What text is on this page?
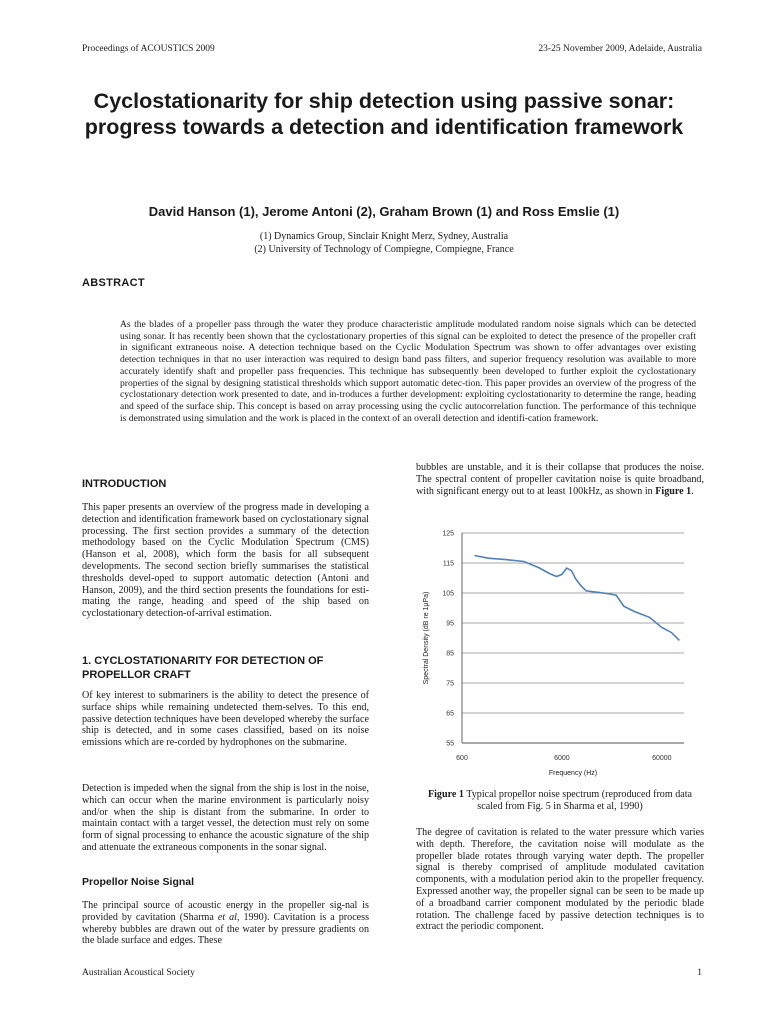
Proceedings of ACOUSTICS 2009	23-25 November 2009, Adelaide, Australia
Cyclostationarity for ship detection using passive sonar: progress towards a detection and identification framework
David Hanson (1), Jerome Antoni (2), Graham Brown (1) and Ross Emslie (1)
(1) Dynamics Group, Sinclair Knight Merz, Sydney, Australia
(2) University of Technology of Compiegne, Compiegne, France
ABSTRACT
As the blades of a propeller pass through the water they produce characteristic amplitude modulated random noise signals which can be detected using sonar. It has recently been shown that the cyclostationary properties of this signal can be exploited to detect the presence of the propeller craft in significant extraneous noise. A detection technique based on the Cyclic Modulation Spectrum was shown to offer advantages over existing detection techniques in that no user interaction was required to design band pass filters, and superior frequency resolution was available to more accurately identify shaft and propeller pass frequencies. This technique has subsequently been developed to further exploit the cyclostationary properties of the signal by designing statistical thresholds which support automatic detec-tion. This paper provides an overview of the progress of the cyclostationary detection work presented to date, and in-troduces a further development: exploiting cyclostationarity to determine the range, heading and speed of the surface ship. This concept is based on array processing using the cyclic autocorrelation function. The performance of this technique is demonstrated using simulation and the work is placed in the context of an overall detection and identifi-cation framework.
INTRODUCTION
This paper presents an overview of the progress made in developing a detection and identification framework based on cyclostationary signal processing. The first section provides a summary of the detection methodology based on the Cyclic Modulation Spectrum (CMS) (Hanson et al, 2008), which form the basis for all subsequent developments. The second section briefly summarises the statistical thresholds devel-oped to support automatic detection (Antoni and Hanson, 2009), and the third section presents the foundations for esti-mating the range, heading and speed of the ship based on cyclostationary detection-of-arrival estimation.
1. CYCLOSTATIONARITY FOR DETECTION OF PROPELLOR CRAFT
Of key interest to submariners is the ability to detect the presence of surface ships while remaining undetected them-selves. To this end, passive detection techniques have been developed whereby the surface ship is detected, and in some cases classified, based on its noise emissions which are re-corded by hydrophones on the submarine.
Detection is impeded when the signal from the ship is lost in the noise, which can occur when the marine environment is particularly noisy and/or when the ship is distant from the submarine. In order to maintain contact with a target vessel, the detection must rely on some form of signal processing to enhance the acoustic signature of the ship and attenuate the extraneous components in the sonar signal.
Propellor Noise Signal
The principal source of acoustic energy in the propeller sig-nal is provided by cavitation (Sharma et al, 1990). Cavitation is a process whereby bubbles are drawn out of the water by pressure gradients on the blade surface and edges. These
bubbles are unstable, and it is their collapse that produces the noise. The spectral content of propeller cavitation noise is quite broadband, with significant energy out to at least 100kHz, as shown in Figure 1.
55
65
75
85
95
105
115
125
600	6000	60000
Frequency (Hz)
Spectral Density (dB re 1µPa)
Figure 1 Typical propellor noise spectrum (reproduced from data scaled from Fig. 5 in Sharma et al, 1990)
The degree of cavitation is related to the water pressure which varies with depth. Therefore, the cavitation noise will modulate as the propeller blade rotates through varying water depth. The propeller signal is thereby comprised of amplitude modulated cavitation components, with a modulation period akin to the propeller frequency. Expressed another way, the propeller signal can be seen to be made up of a broadband carrier component modulated by the periodic blade rotation. The challenge faced by passive detection techniques is to extract the periodic component.
Australian Acoustical Society	1
